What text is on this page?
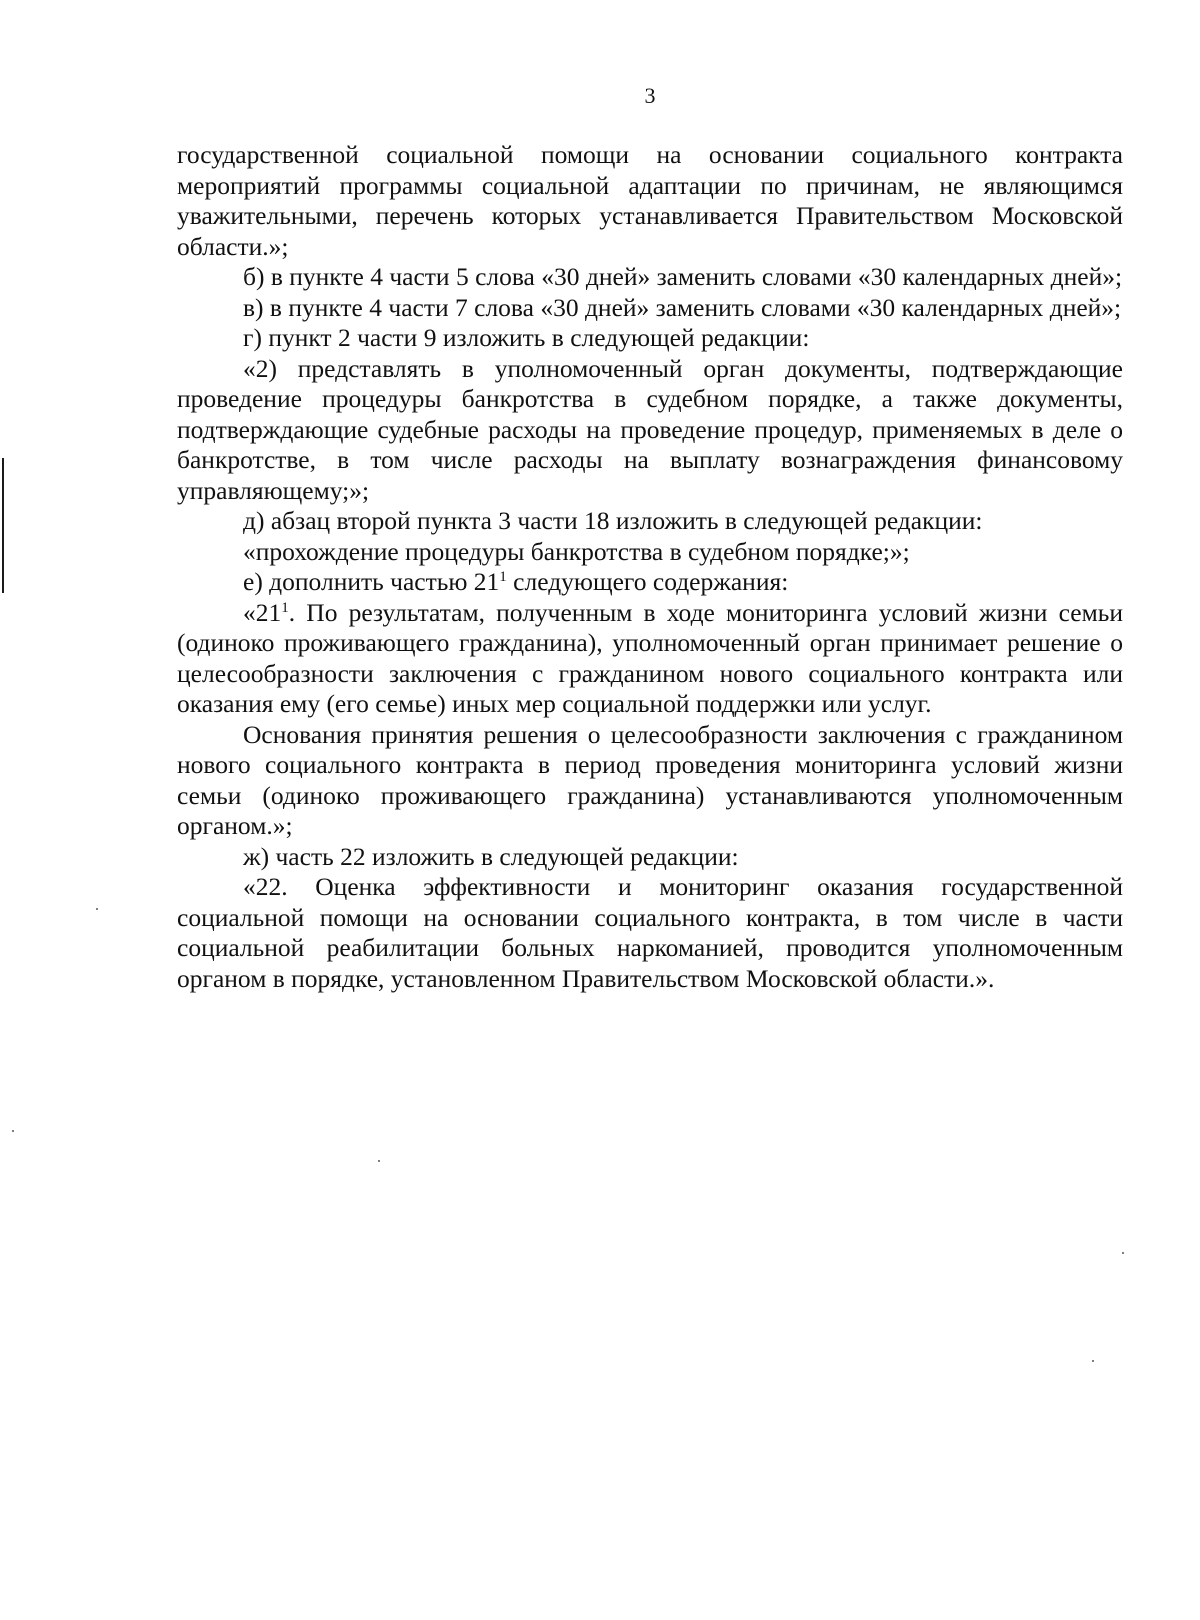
3

государственной социальной помощи на основании социального контракта мероприятий программы социальной адаптации по причинам, не являющимся уважительными, перечень которых устанавливается Правительством Московской области.»;

б) в пункте 4 части 5 слова «30 дней» заменить словами «30 календарных дней»;

в) в пункте 4 части 7 слова «30 дней» заменить словами «30 календарных дней»;

г) пункт 2 части 9 изложить в следующей редакции:

«2) представлять в уполномоченный орган документы, подтверждающие проведение процедуры банкротства в судебном порядке, а также документы, подтверждающие судебные расходы на проведение процедур, применяемых в деле о банкротстве, в том числе расходы на выплату вознаграждения финансовому управляющему;»;

д) абзац второй пункта 3 части 18 изложить в следующей редакции:

«прохождение процедуры банкротства в судебном порядке;»;

е) дополнить частью $21^1$ следующего содержания:

«$21^1$. По результатам, полученным в ходе мониторинга условий жизни семьи (одиноко проживающего гражданина), уполномоченный орган принимает решение о целесообразности заключения с гражданином нового социального контракта или оказания ему (его семье) иных мер социальной поддержки или услуг.

Основания принятия решения о целесообразности заключения с гражданином нового социального контракта в период проведения мониторинга условий жизни семьи (одиноко проживающего гражданина) устанавливаются уполномоченным органом.»;

ж) часть 22 изложить в следующей редакции:

«22. Оценка эффективности и мониторинг оказания государственной социальной помощи на основании социального контракта, в том числе в части социальной реабилитации больных наркоманией, проводится уполномоченным органом в порядке, установленном Правительством Московской области.».
